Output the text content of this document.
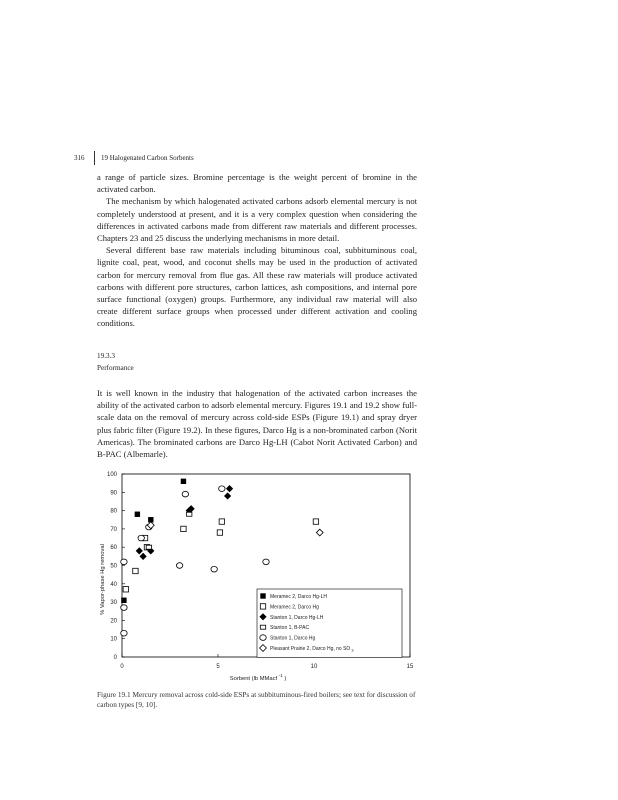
316	19 Halogenated Carbon Sorbents

a range of particle sizes. Bromine percentage is the weight percent of bromine in the activated carbon.

The mechanism by which halogenated activated carbons adsorb elemental mercury is not completely understood at present, and it is a very complex question when considering the differences in activated carbons made from different raw materials and different processes. Chapters 23 and 25 discuss the underlying mechanisms in more detail.

Several different base raw materials including bituminous coal, subbituminous coal, lignite coal, peat, wood, and coconut shells may be used in the production of activated carbon for mercury removal from flue gas. All these raw materials will produce activated carbons with different pore structures, carbon lattices, ash compositions, and internal pore surface functional (oxygen) groups. Furthermore, any individual raw material will also create different surface groups when processed under different activation and cooling conditions.

19.3.3
Performance

It is well known in the industry that halogenation of the activated carbon increases the ability of the activated carbon to adsorb elemental mercury. Figures 19.1 and 19.2 show full-scale data on the removal of mercury across cold-side ESPs (Figure 19.1) and spray dryer plus fabric filter (Figure 19.2). In these figures, Darco Hg is a non-brominated carbon (Norit Americas). The brominated carbons are Darco Hg-LH (Cabot Norit Activated Carbon) and B-PAC (Albemarle).

0
10
20
30
40
50
60
70
80
90
100
0	5	10	15
Sorbent (lb MMacf $^{-1}$ )
% Vapor-phase Hg removal	Meramec 2, Darco Hg-LH
Meramec 2, Darco Hg
Stanton 1, Darco Hg-LH
Stanton 1, B-PAC
Stanton 1, Darco Hg
Pleasant Prairie 2, Darco Hg, no SO $_3$
Figure 19.1 Mercury removal across cold-side ESPs at subbituminous-fired boilers; see text for discussion of carbon types [9, 10].
